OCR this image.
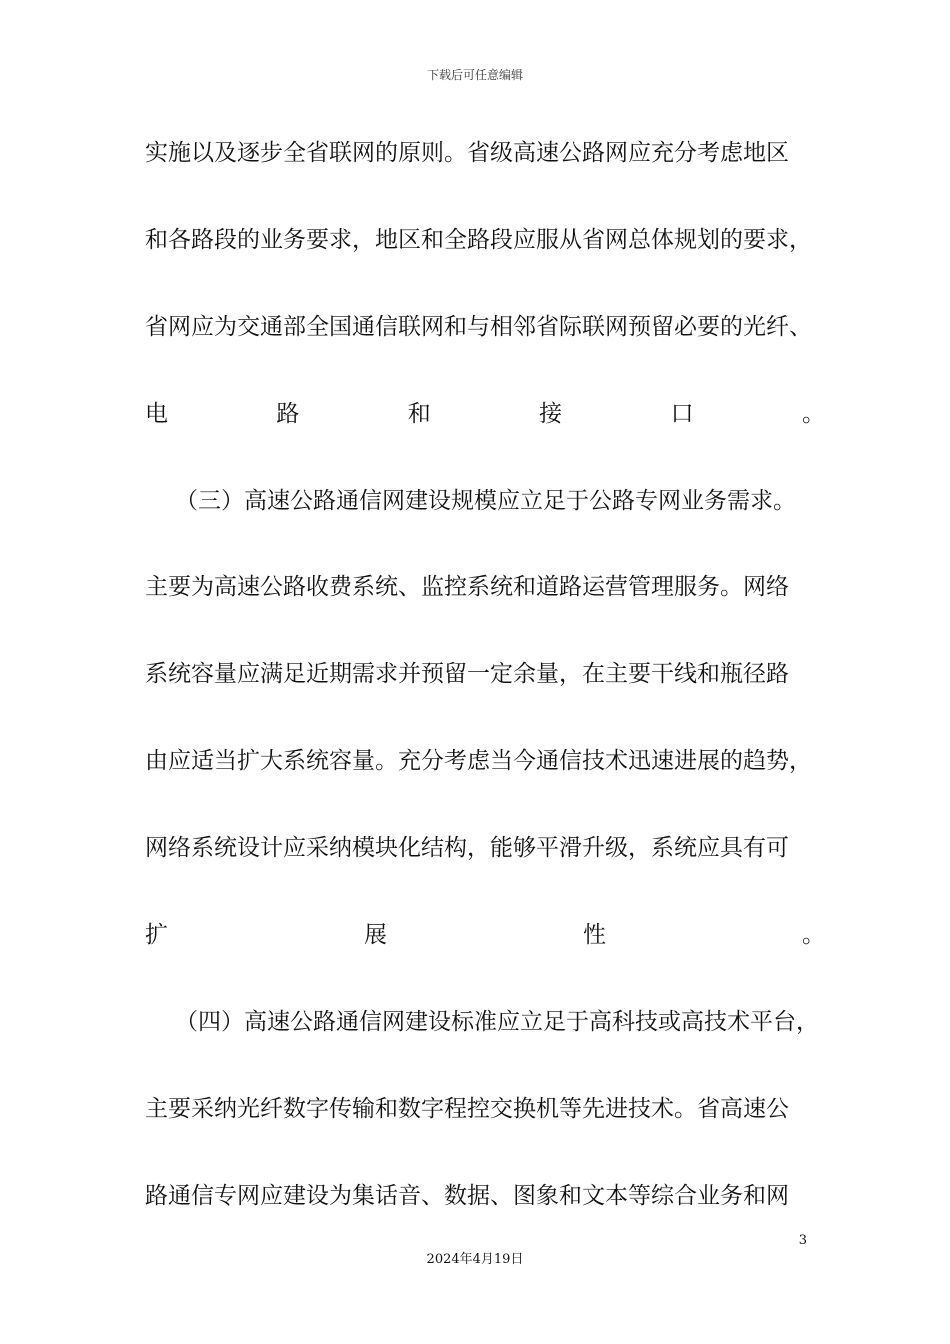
下载后可任意编辑
实施以及逐步全省联网的原则。省级高速公路网应充分考虑地区
和各路段的业务要求，地区和全路段应服从省网总体规划的要求，
省网应为交通部全国通信联网和与相邻省际联网预留必要的光纤、
电	路	和	接	口	。
（三）高速公路通信网建设规模应立足于公路专网业务需求。
主要为高速公路收费系统、监控系统和道路运营管理服务。网络
系统容量应满足近期需求并预留一定余量，在主要干线和瓶径路
由应适当扩大系统容量。充分考虑当今通信技术迅速进展的趋势，
网络系统设计应采纳模块化结构，能够平滑升级，系统应具有可
扩	展	性	。
（四）高速公路通信网建设标准应立足于高科技或高技术平台，
主要采纳光纤数字传输和数字程控交换机等先进技术。省高速公
路通信专网应建设为集话音、数据、图象和文本等综合业务和网
3
2024年4月19日
